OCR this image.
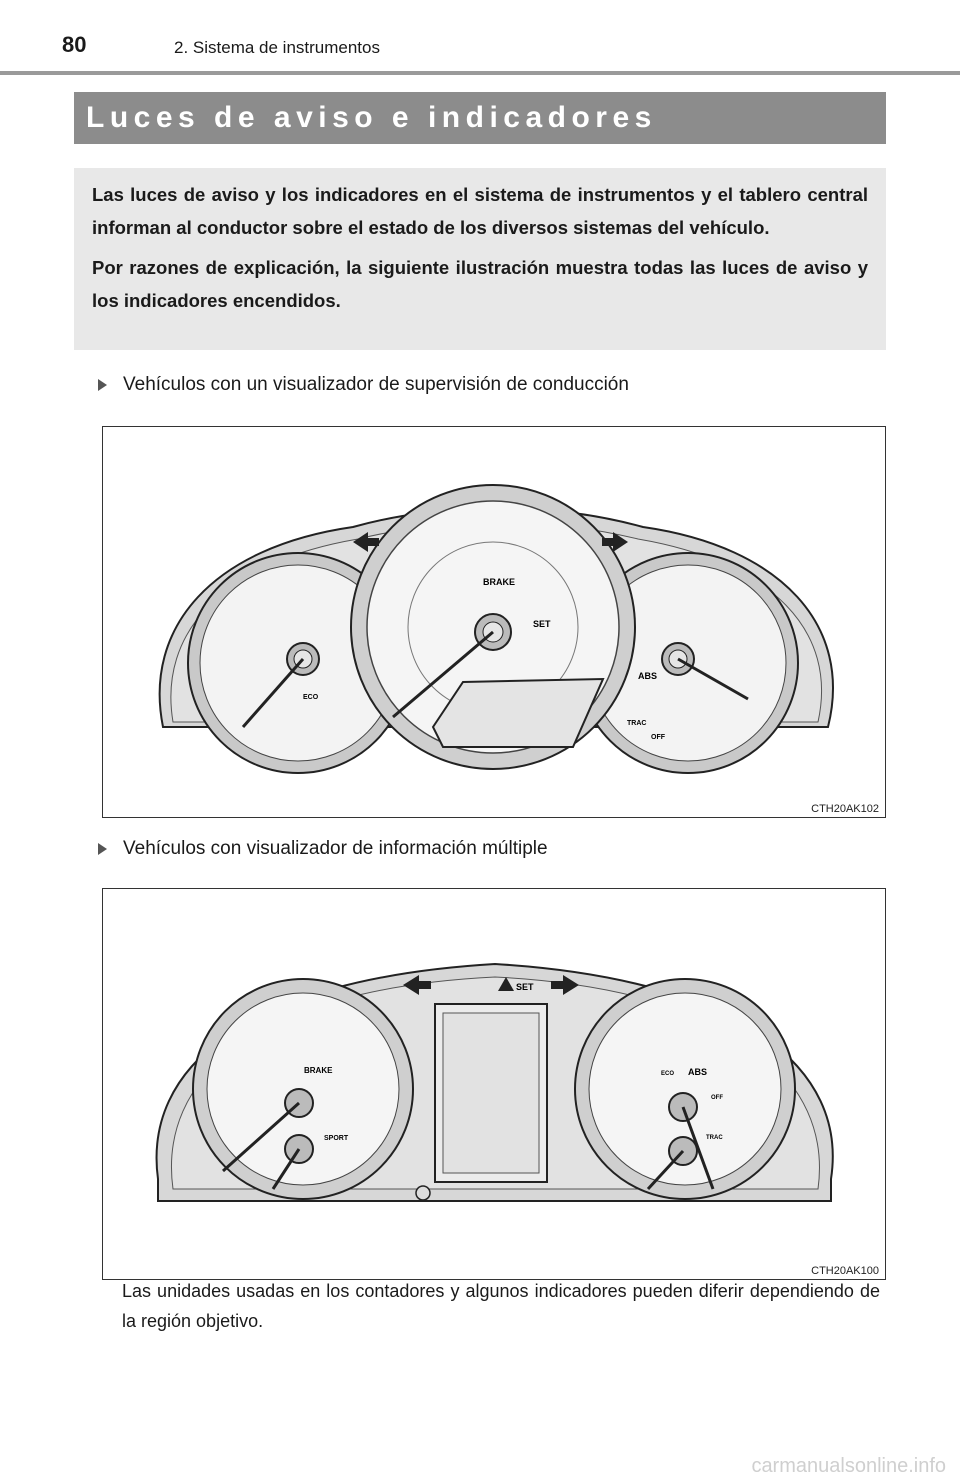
80	2. Sistema de instrumentos
Luces de aviso e indicadores

Las luces de aviso y los indicadores en el sistema de instrumentos y el tablero central informan al conductor sobre el estado de los diversos sistemas del vehículo.

Por razones de explicación, la siguiente ilustración muestra todas las luces de aviso y los indicadores encendidos.

Vehículos con un visualizador de supervisión de conducción
BRAKE
SET
ABS
TRAC
OFF
ECO
CTH20AK102
Vehículos con visualizador de información múltiple
SET
BRAKE
SPORT
ABS
ECO
TRAC
OFF
CTH20AK100
Las unidades usadas en los contadores y algunos indicadores pueden diferir dependiendo de la región objetivo.
carmanualsonline.info
